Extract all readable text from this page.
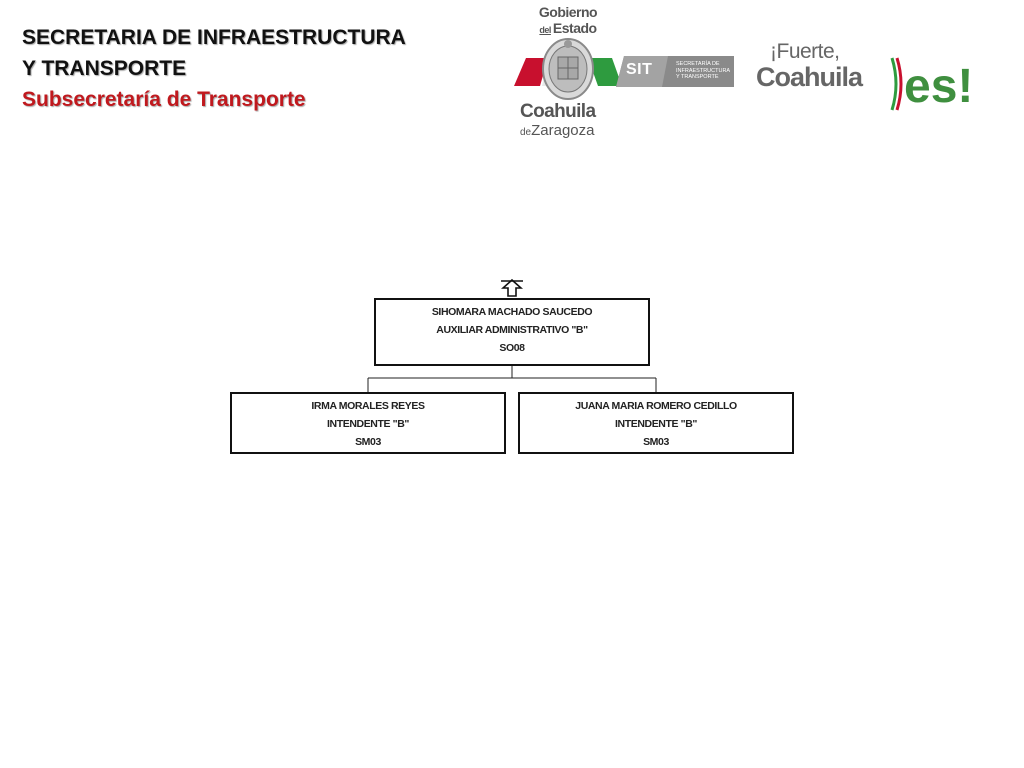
SECRETARIA DE INFRAESTRUCTURA
Y TRANSPORTE
Subsecretaría de Transporte
Gobierno
del Estado
Coahuila
deZaragoza
SIT	SECRETARÍA DE
INFRAESTRUCTURA
Y TRANSPORTE
¡Fuerte,
Coahuila es!
SIHOMARA MACHADO SAUCEDO
AUXILIAR ADMINISTRATIVO "B"
SO08
IRMA MORALES REYES
INTENDENTE "B"
SM03
JUANA MARIA ROMERO CEDILLO
INTENDENTE "B"
SM03
